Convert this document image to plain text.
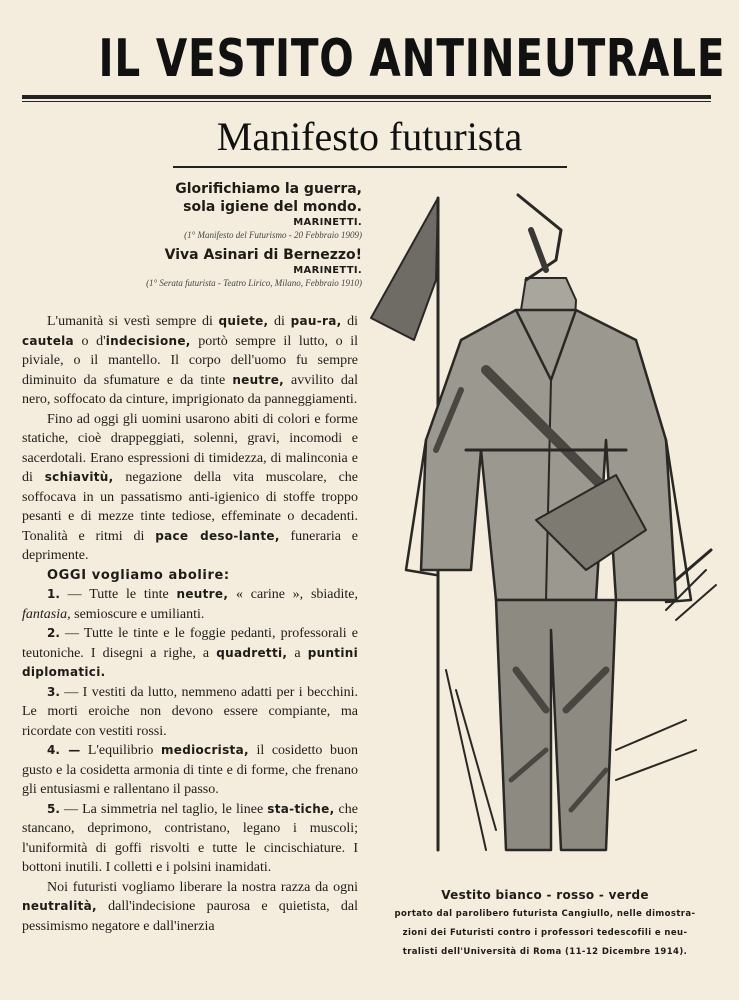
IL VESTITO ANTINEUTRALE
Manifesto futurista
Glorifichiamo la guerra,
sola igiene del mondo.
MARINETTI.
(1° Manifesto del Futurismo - 20 Febbraio 1909)
Viva Asinari di Bernezzo!
MARINETTI.
(1° Serata futurista - Teatro Lirico, Milano, Febbraio 1910)

L'umanità si vestì sempre di quiete, di pau-ra, di cautela o d'indecisione, portò sempre il lutto, o il piviale, o il mantello. Il corpo dell'uomo fu sempre diminuito da sfumature e da tinte neutre, avvilito dal nero, soffocato da cinture, imprigionato da panneggiamenti.

Fino ad oggi gli uomini usarono abiti di colori e forme statiche, cioè drappeggiati, solenni, gravi, incomodi e sacerdotali. Erano espressioni di timidezza, di malinconia e di schiavitù, negazione della vita muscolare, che soffocava in un passatismo anti-igienico di stoffe troppo pesanti e di mezze tinte tediose, effeminate o decadenti. Tonalità e ritmi di pace deso-lante, funeraria e deprimente.

OGGI vogliamo abolire:

1. — Tutte le tinte neutre, « carine », sbiadite, fantasia, semioscure e umilianti.

2. — Tutte le tinte e le foggie pedanti, professorali e teutoniche. I disegni a righe, a quadretti, a puntini diplomatici.

3. — I vestiti da lutto, nemmeno adatti per i becchini. Le morti eroiche non devono essere compiante, ma ricordate con vestiti rossi.

4. — L'equilibrio mediocrista, il cosidetto buon gusto e la cosidetta armonia di tinte e di forme, che frenano gli entusiasmi e rallentano il passo.

5. — La simmetria nel taglio, le linee sta-tiche, che stancano, deprimono, contristano, legano i muscoli; l'uniformità di goffi risvolti e tutte le cincischiature. I bottoni inutili. I colletti e i polsini inamidati.

Noi futuristi vogliamo liberare la nostra razza da ogni neutralità, dall'indecisione paurosa e quietista, dal pessimismo negatore e dall'inerzia

Vestito bianco - rosso - verde
portato dal parolibero futurista Cangiullo, nelle dimostra-
zioni dei Futuristi contro i professori tedescofili e neu-
tralisti dell'Università di Roma (11-12 Dicembre 1914).
